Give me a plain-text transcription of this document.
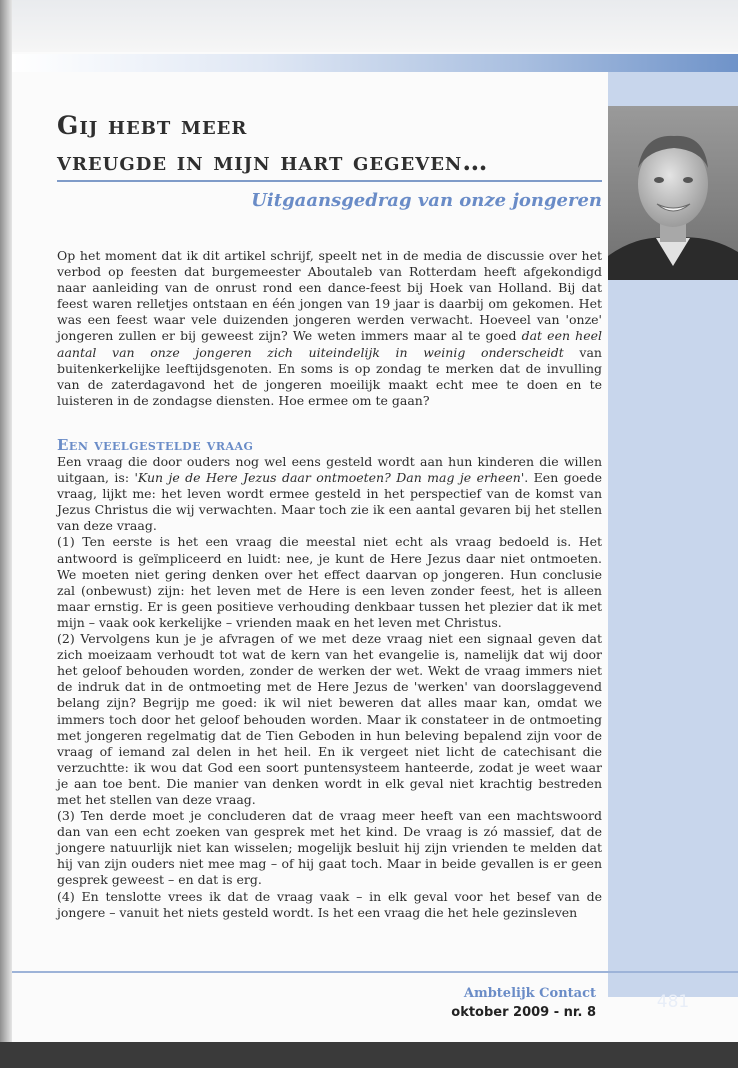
Gij hebt meer
vreugde in mijn hart gegeven…
Uitgaansgedrag van onze jongeren
Op het moment dat ik dit artikel schrijf, speelt net in de media de discussie over het verbod op feesten dat burgemeester Aboutaleb van Rotterdam heeft afgekondigd naar aanleiding van de onrust rond een dance-feest bij Hoek van Holland. Bij dat feest waren relletjes ontstaan en één jongen van 19 jaar is daarbij om gekomen. Het was een feest waar vele duizenden jongeren werden verwacht. Hoeveel van 'onze' jongeren zullen er bij geweest zijn? We weten immers maar al te goed dat een heel aantal van onze jongeren zich uiteindelijk in weinig onderscheidt van buitenkerkelijke leeftijdsgenoten. En soms is op zondag te merken dat de invulling van de zaterdagavond het de jongeren moeilijk maakt echt mee te doen en te luisteren in de zondagse diensten. Hoe ermee om te gaan?
Een veelgestelde vraag

Een vraag die door ouders nog wel eens gesteld wordt aan hun kinderen die willen uitgaan, is: 'Kun je de Here Jezus daar ontmoeten? Dan mag je erheen'. Een goede vraag, lijkt me: het leven wordt ermee gesteld in het perspectief van de komst van Jezus Christus die wij verwachten. Maar toch zie ik een aantal gevaren bij het stellen van deze vraag.

(1) Ten eerste is het een vraag die meestal niet echt als vraag bedoeld is. Het antwoord is geïmpliceerd en luidt: nee, je kunt de Here Jezus daar niet ontmoeten. We moeten niet gering denken over het effect daarvan op jongeren. Hun conclusie zal (onbewust) zijn: het leven met de Here is een leven zonder feest, het is alleen maar ernstig. Er is geen positieve verhouding denkbaar tussen het plezier dat ik met mijn – vaak ook kerkelijke – vrienden maak en het leven met Christus.

(2) Vervolgens kun je je afvragen of we met deze vraag niet een signaal geven dat zich moeizaam verhoudt tot wat de kern van het evangelie is, namelijk dat wij door het geloof behouden worden, zonder de werken der wet. Wekt de vraag immers niet de indruk dat in de ontmoeting met de Here Jezus de 'werken' van doorslaggevend belang zijn? Begrijp me goed: ik wil niet beweren dat alles maar kan, omdat we immers toch door het geloof behouden worden. Maar ik constateer in de ontmoeting met jongeren regelmatig dat de Tien Geboden in hun beleving bepalend zijn voor de vraag of iemand zal delen in het heil. En ik vergeet niet licht de catechisant die verzuchtte: ik wou dat God een soort puntensysteem hanteerde, zodat je weet waar je aan toe bent. Die manier van denken wordt in elk geval niet krachtig bestreden met het stellen van deze vraag.

(3) Ten derde moet je concluderen dat de vraag meer heeft van een machtswoord dan van een echt zoeken van gesprek met het kind. De vraag is zó massief, dat de jongere natuurlijk niet kan wisselen; mogelijk besluit hij zijn vrienden te melden dat hij van zijn ouders niet mee mag – of hij gaat toch. Maar in beide gevallen is er geen gesprek geweest – en dat is erg.

(4) En tenslotte vrees ik dat de vraag vaak – in elk geval voor het besef van de jongere – vanuit het niets gesteld wordt. Is het een vraag die het hele gezinsleven

Ambtelijk Contact
oktober 2009 - nr. 8
481
